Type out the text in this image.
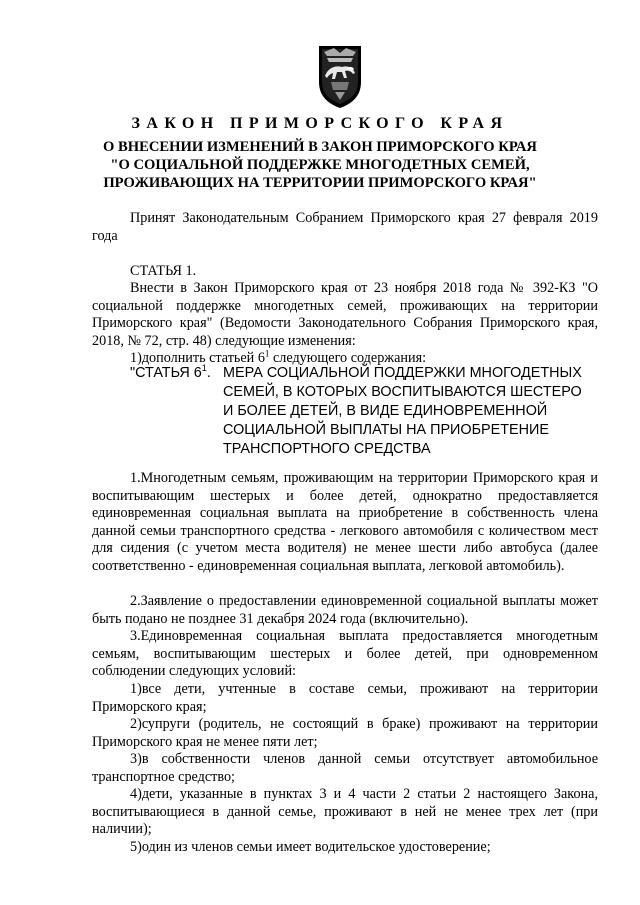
ЗАКОН ПРИМОРСКОГО КРАЯ
О ВНЕСЕНИИ ИЗМЕНЕНИЙ В ЗАКОН ПРИМОРСКОГО КРАЯ
"О СОЦИАЛЬНОЙ ПОДДЕРЖКЕ МНОГОДЕТНЫХ СЕМЕЙ,
ПРОЖИВАЮЩИХ НА ТЕРРИТОРИИ ПРИМОРСКОГО КРАЯ"

Принят Законодательным Собранием Приморского края 27 февраля 2019 года

СТАТЬЯ 1.

Внести в Закон Приморского края от 23 ноября 2018 года № 392-КЗ "О социальной поддержке многодетных семей, проживающих на территории Приморского края" (Ведомости Законодательного Собрания Приморского края, 2018, № 72, стр. 48) следующие изменения:

1)дополнить статьей $6^1$ следующего содержания:

"СТАТЬЯ $6^1$. МЕРА СОЦИАЛЬНОЙ ПОДДЕРЖКИ МНОГОДЕТНЫХ СЕМЕЙ, В КОТОРЫХ ВОСПИТЫВАЮТСЯ ШЕСТЕРО И БОЛЕЕ ДЕТЕЙ, В ВИДЕ ЕДИНОВРЕМЕННОЙ СОЦИАЛЬНОЙ ВЫПЛАТЫ НА ПРИОБРЕТЕНИЕ ТРАНСПОРТНОГО СРЕДСТВА

1.Многодетным семьям, проживающим на территории Приморского края и воспитывающим шестерых и более детей, однократно предоставляется единовременная социальная выплата на приобретение в собственность члена данной семьи транспортного средства - легкового автомобиля с количеством мест для сидения (с учетом места водителя) не менее шести либо автобуса (далее соответственно - единовременная социальная выплата, легковой автомобиль).

2.Заявление о предоставлении единовременной социальной выплаты может быть подано не позднее 31 декабря 2024 года (включительно).

3.Единовременная социальная выплата предоставляется многодетным семьям, воспитывающим шестерых и более детей, при одновременном соблюдении следующих условий:

1)все дети, учтенные в составе семьи, проживают на территории Приморского края;

2)супруги (родитель, не состоящий в браке) проживают на территории Приморского края не менее пяти лет;

3)в собственности членов данной семьи отсутствует автомобильное транспортное средство;

4)дети, указанные в пунктах 3 и 4 части 2 статьи 2 настоящего Закона, воспитывающиеся в данной семье, проживают в ней не менее трех лет (при наличии);

5)один из членов семьи имеет водительское удостоверение;
